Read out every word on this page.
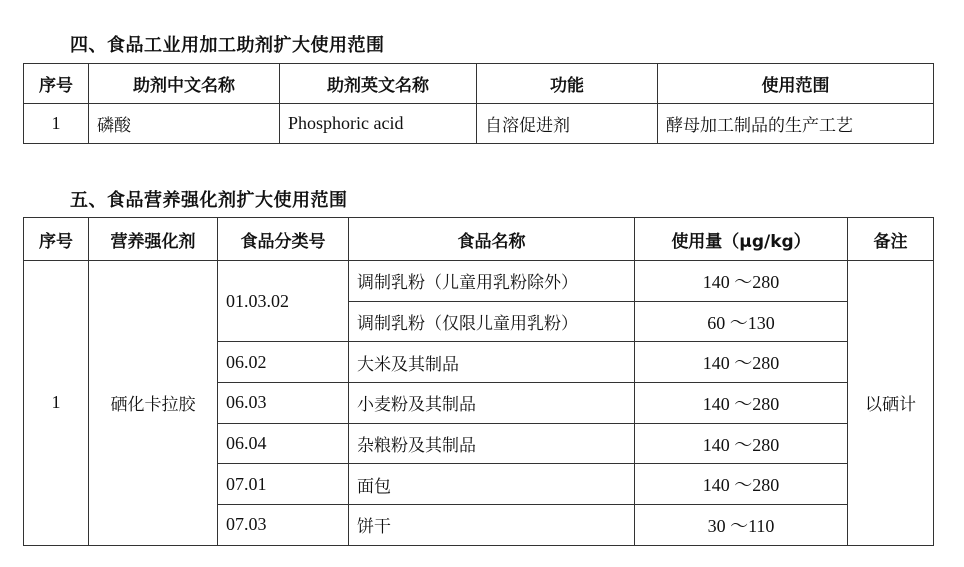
四、食品工业用加工助剂扩大使用范围
序号	助剂中文名称	助剂英文名称	功能	使用范围
1	磷酸	Phosphoric acid	自溶促进剂	酵母加工制品的生产工艺
五、食品营养强化剂扩大使用范围
序号	营养强化剂	食品分类号	食品名称	使用量（μg/kg）	备注
1	硒化卡拉胶	01.03.02	调制乳粉（儿童用乳粉除外）	140 ～280	以硒计
			调制乳粉（仅限儿童用乳粉）	60 ～130	
		06.02	大米及其制品	140 ～280	
		06.03	小麦粉及其制品	140 ～280	
		06.04	杂粮粉及其制品	140 ～280	
		07.01	面包	140 ～280	
		07.03	饼干	30 ～110	
